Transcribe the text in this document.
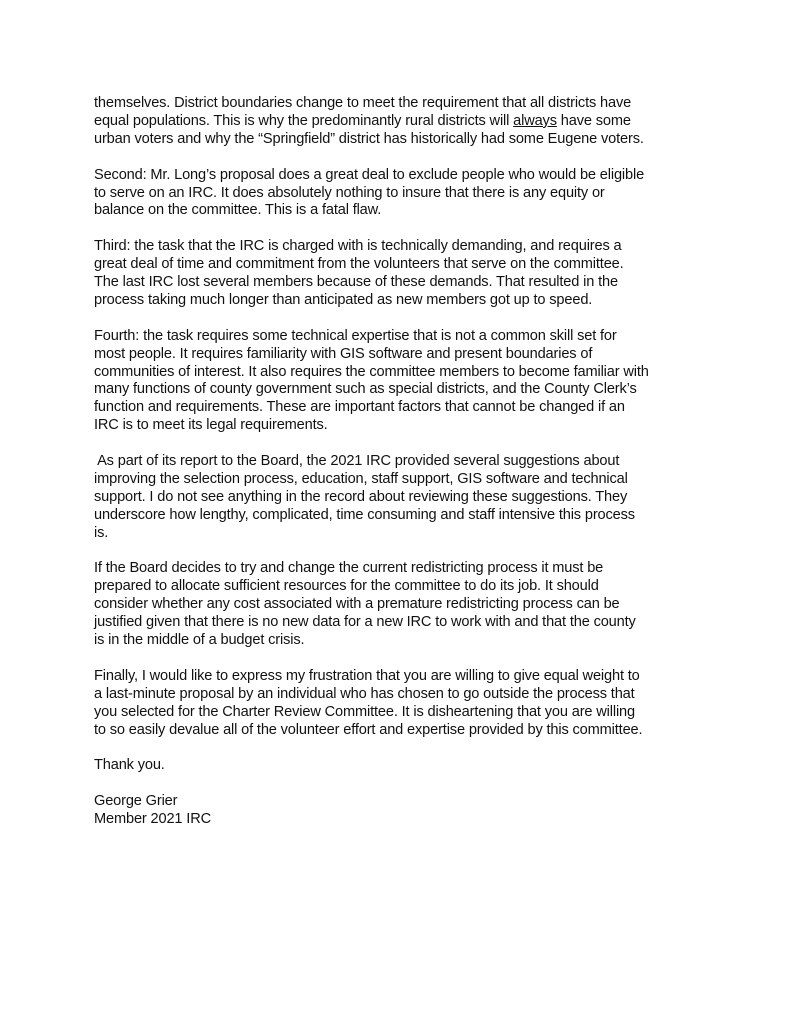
themselves. District boundaries change to meet the requirement that all districts have
equal populations. This is why the predominantly rural districts will always have some
urban voters and why the “Springfield” district has historically had some Eugene voters.

Second: Mr. Long’s proposal does a great deal to exclude people who would be eligible
to serve on an IRC. It does absolutely nothing to insure that there is any equity or
balance on the committee. This is a fatal flaw.

Third: the task that the IRC is charged with is technically demanding, and requires a
great deal of time and commitment from the volunteers that serve on the committee.
The last IRC lost several members because of these demands. That resulted in the
process taking much longer than anticipated as new members got up to speed.

Fourth: the task requires some technical expertise that is not a common skill set for
most people. It requires familiarity with GIS software and present boundaries of
communities of interest. It also requires the committee members to become familiar with
many functions of county government such as special districts, and the County Clerk’s
function and requirements. These are important factors that cannot be changed if an
IRC is to meet its legal requirements.

As part of its report to the Board, the 2021 IRC provided several suggestions about
improving the selection process, education, staff support, GIS software and technical
support. I do not see anything in the record about reviewing these suggestions. They
underscore how lengthy, complicated, time consuming and staff intensive this process
is.

If the Board decides to try and change the current redistricting process it must be
prepared to allocate sufficient resources for the committee to do its job. It should
consider whether any cost associated with a premature redistricting process can be
justified given that there is no new data for a new IRC to work with and that the county
is in the middle of a budget crisis.

Finally, I would like to express my frustration that you are willing to give equal weight to
a last-minute proposal by an individual who has chosen to go outside the process that
you selected for the Charter Review Committee. It is disheartening that you are willing
to so easily devalue all of the volunteer effort and expertise provided by this committee.

Thank you.

George Grier
Member 2021 IRC
